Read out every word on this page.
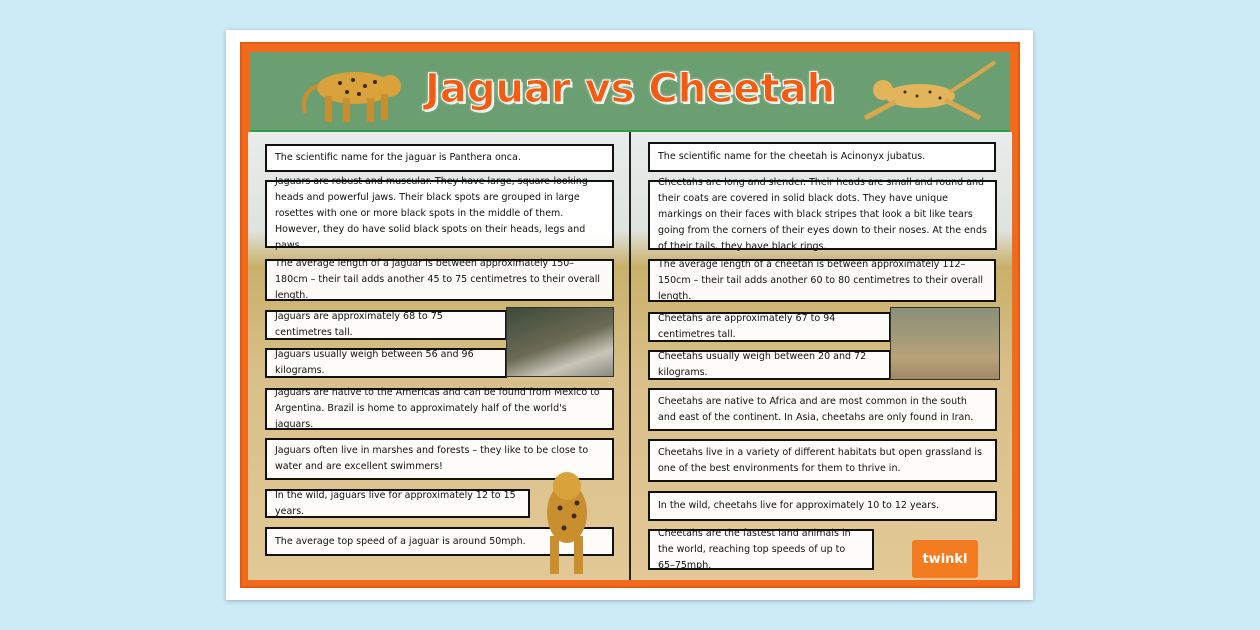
Jaguar vs Cheetah
The scientific name for the jaguar is Panthera onca.
Jaguars are robust and muscular. They have large, square-looking heads and powerful jaws. Their black spots are grouped in large rosettes with one or more black spots in the middle of them. However, they do have solid black spots on their heads, legs and paws.
The average length of a jaguar is between approximately 150–180cm – their tail adds another 45 to 75 centimetres to their overall length.
Jaguars are approximately 68 to 75 centimetres tall.
Jaguars usually weigh between 56 and 96 kilograms.
Jaguars are native to the Americas and can be found from Mexico to Argentina. Brazil is home to approximately half of the world's jaguars.
Jaguars often live in marshes and forests – they like to be close to water and are excellent swimmers!
In the wild, jaguars live for approximately 12 to 15 years.
The average top speed of a jaguar is around 50mph.
The scientific name for the cheetah is Acinonyx jubatus.
Cheetahs are long and slender. Their heads are small and round and their coats are covered in solid black dots. They have unique markings on their faces with black stripes that look a bit like tears going from the corners of their eyes down to their noses. At the ends of their tails, they have black rings.
The average length of a cheetah is between approximately 112–150cm – their tail adds another 60 to 80 centimetres to their overall length.
Cheetahs are approximately 67 to 94 centimetres tall.
Cheetahs usually weigh between 20 and 72 kilograms.
Cheetahs are native to Africa and are most common in the south and east of the continent. In Asia, cheetahs are only found in Iran.
Cheetahs live in a variety of different habitats but open grassland is one of the best environments for them to thrive in.
In the wild, cheetahs live for approximately 10 to 12 years.
Cheetahs are the fastest land animals in the world, reaching top speeds of up to 65–75mph.	twinkl
